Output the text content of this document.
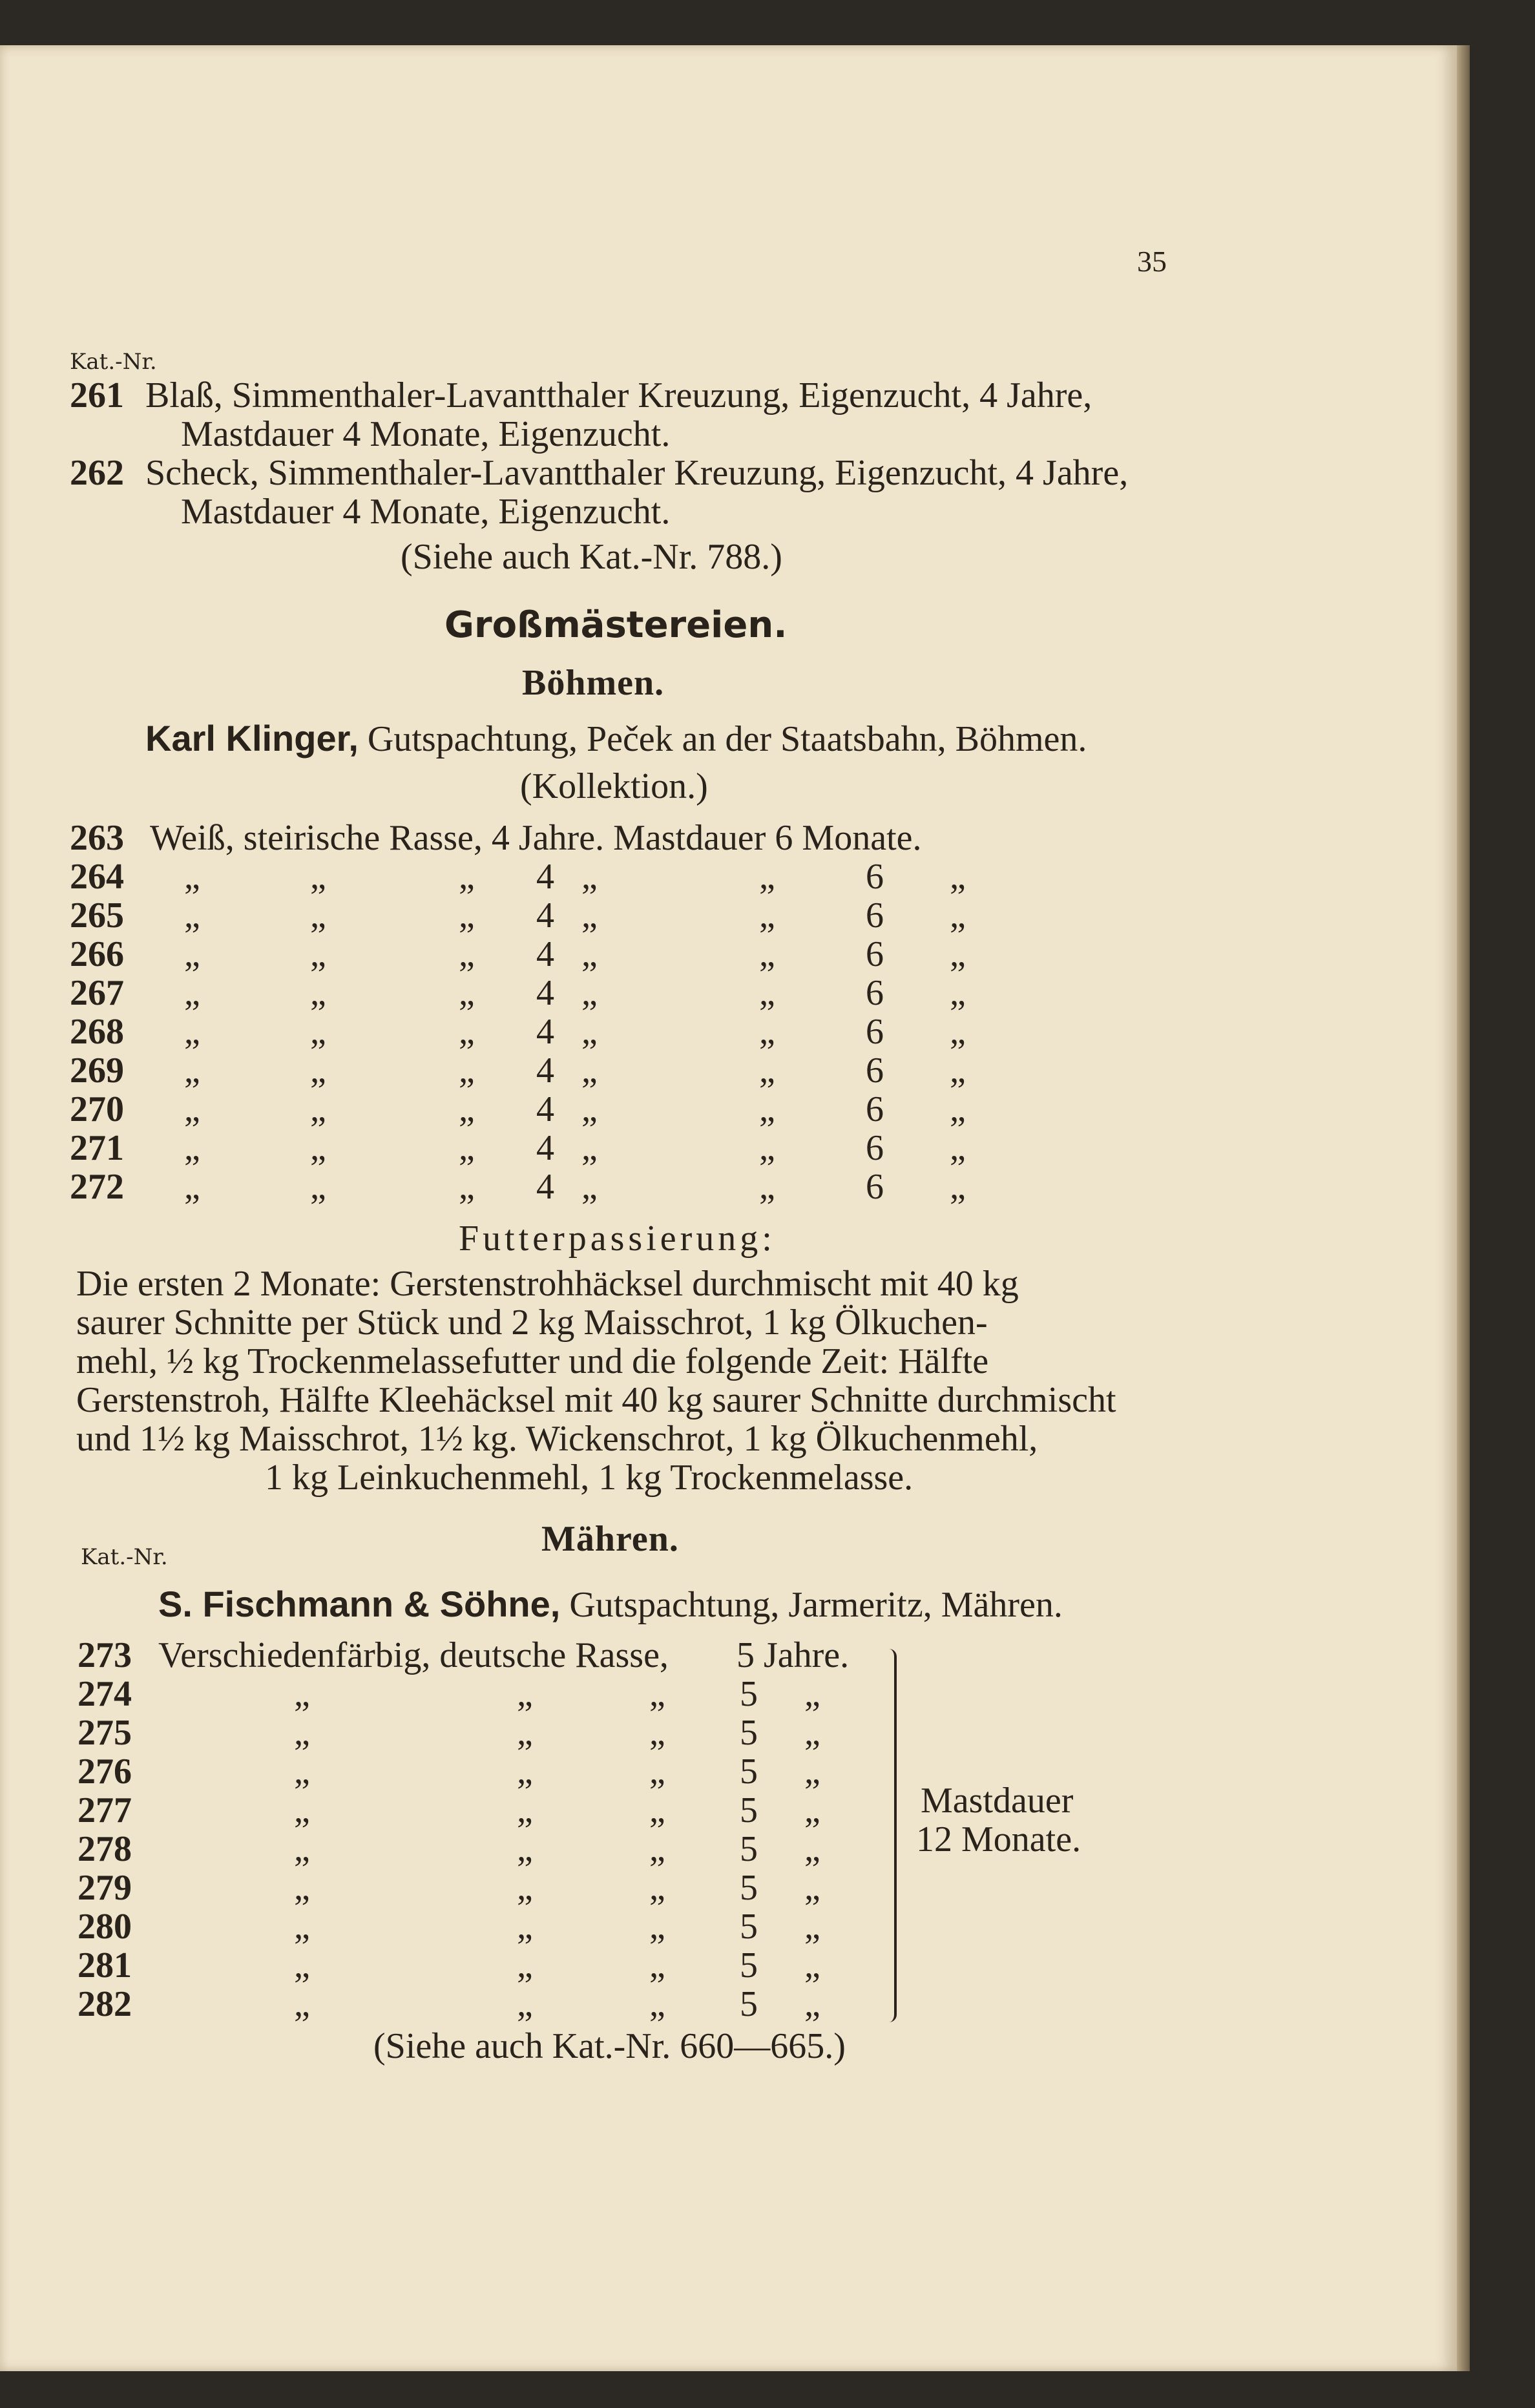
35
Kat.-Nr.
261 Blaß, Simmenthaler-Lavantthaler Kreuzung, Eigenzucht, 4 Jahre,
Mastdauer 4 Monate, Eigenzucht.
262 Scheck, Simmenthaler-Lavantthaler Kreuzung, Eigenzucht, 4 Jahre,
Mastdauer 4 Monate, Eigenzucht.
(Siehe auch Kat.-Nr. 788.)
Großmästereien.
Böhmen.
Karl Klinger, Gutspachtung, Peček an der Staatsbahn, Böhmen.
(Kollektion.)
263 Weiß, steirische Rasse, 4 Jahre. Mastdauer 6 Monate.
264 „	„	„ 4 „	„	6 „
265 „	„	„ 4 „	„	6 „
266 „	„	„ 4 „	„	6 „
267 „	„	„ 4 „	„	6 „
268 „	„	„ 4 „	„	6 „
269 „	„	„ 4 „	„	6 „
270 „	„	„ 4 „	„	6 „
271 „	„	„ 4 „	„	6 „
272 „	„	„ 4 „	„	6 „
Futterpassierung:
Die ersten 2 Monate: Gerstenstrohhäcksel durchmischt mit 40 kg
saurer Schnitte per Stück und 2 kg Maisschrot, 1 kg Ölkuchen-
mehl, ½ kg Trockenmelassefutter und die folgende Zeit: Hälfte
Gerstenstroh, Hälfte Kleehäcksel mit 40 kg saurer Schnitte durchmischt
und 1½ kg Maisschrot, 1½ kg. Wickenschrot, 1 kg Ölkuchenmehl,
1 kg Leinkuchenmehl, 1 kg Trockenmelasse.
Kat.-Nr.	Mähren.
S. Fischmann & Söhne, Gutspachtung, Jarmeritz, Mähren.
273 Verschiedenfärbig, deutsche Rasse, 5 Jahre.
274	„	„	„ 5 „
275	„	„	„ 5 „
276	„	„	„ 5 „
277	„	„	„ 5 „
278	„	„	„ 5 „
279	„	„	„ 5 „
280	„	„	„ 5 „
281	„	„	„ 5 „
282	„	„	„ 5 „
Mastdauer
12 Monate.
(Siehe auch Kat.-Nr. 660—665.)
